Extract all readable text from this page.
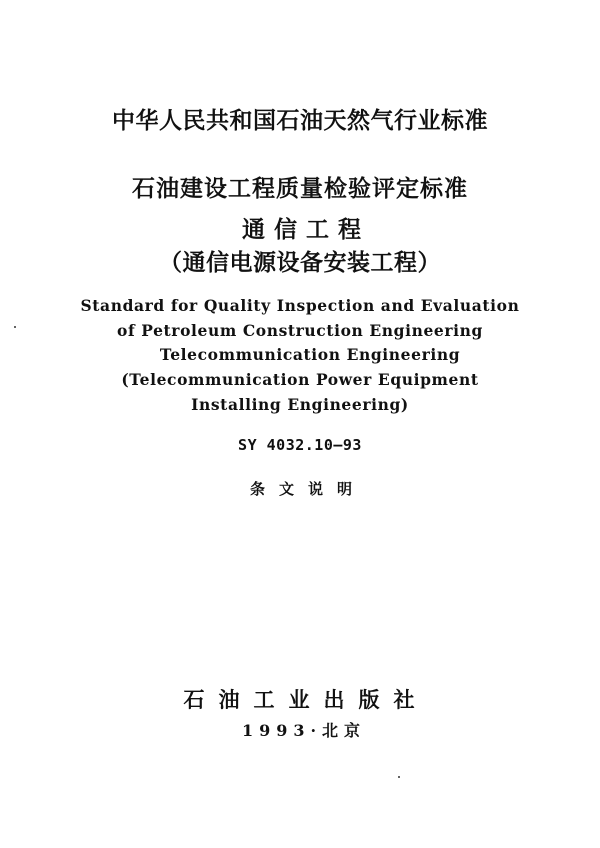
中华人民共和国石油天然气行业标准
石油建设工程质量检验评定标准
通信工程
（通信电源设备安装工程）
Standard for Quality Inspection and Evaluation
of Petroleum Construction Engineering
Telecommunication Engineering
(Telecommunication Power Equipment
Installing Engineering)
SY 4032.10—93
条文说明
石油工业出版社
1993·北京
